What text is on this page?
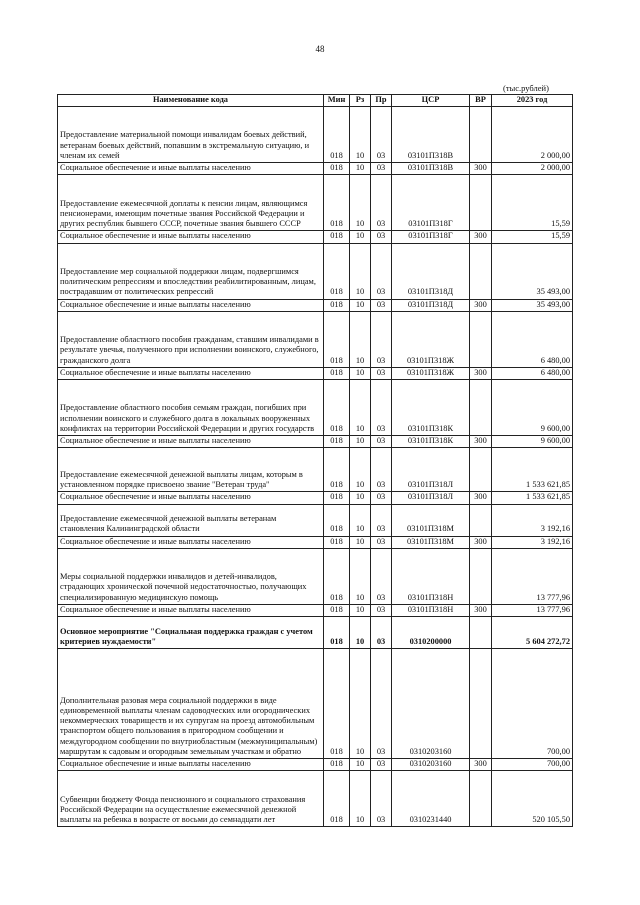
48
(тыс.рублей)
Наименование кода	Мин	Рз	Пр	ЦСР	ВР	2023 год
Предоставление материальной помощи инвалидам боевых действий, ветеранам боевых действий, попавшим в экстремальную ситуацию, и членам их семей	018	10	03	03101П318В		2 000,00
Социальное обеспечение и иные выплаты населению	018	10	03	03101П318В	300	2 000,00
Предоставление ежемесячной доплаты к пенсии лицам, являющимся пенсионерами, имеющим почетные звания Российской Федерации и других республик бывшего СССР, почетные звания бывшего СССР	018	10	03	03101П318Г		15,59
Социальное обеспечение и иные выплаты населению	018	10	03	03101П318Г	300	15,59
Предоставление мер социальной поддержки лицам, подвергшимся политическим репрессиям и впоследствии реабилитированным, лицам, пострадавшим от политических репрессий	018	10	03	03101П318Д		35 493,00
Социальное обеспечение и иные выплаты населению	018	10	03	03101П318Д	300	35 493,00
Предоставление областного пособия гражданам, ставшим инвалидами в результате увечья, полученного при исполнении воинского, служебного, гражданского долга	018	10	03	03101П318Ж		6 480,00
Социальное обеспечение и иные выплаты населению	018	10	03	03101П318Ж	300	6 480,00
Предоставление областного пособия семьям граждан, погибших при исполнении воинского и служебного долга в локальных вооруженных конфликтах на территории Российской Федерации и других государств	018	10	03	03101П318К		9 600,00
Социальное обеспечение и иные выплаты населению	018	10	03	03101П318К	300	9 600,00
Предоставление ежемесячной денежной выплаты лицам, которым в установленном порядке присвоено звание "Ветеран труда"	018	10	03	03101П318Л		1 533 621,85
Социальное обеспечение и иные выплаты населению	018	10	03	03101П318Л	300	1 533 621,85
Предоставление ежемесячной денежной выплаты ветеранам становления Калининградской области	018	10	03	03101П318М		3 192,16
Социальное обеспечение и иные выплаты населению	018	10	03	03101П318М	300	3 192,16
Меры социальной поддержки инвалидов и детей-инвалидов, страдающих хронической почечной недостаточностью, получающих специализированную медицинскую помощь	018	10	03	03101П318Н		13 777,96
Социальное обеспечение и иные выплаты населению	018	10	03	03101П318Н	300	13 777,96
Основное мероприятие "Социальная поддержка граждан с учетом критериев нуждаемости"	018	10	03	0310200000		5 604 272,72
Дополнительная разовая мера социальной поддержки в виде единовременной выплаты членам садоводческих или огороднических некоммерческих товариществ и их супругам на проезд автомобильным транспортом общего пользования в пригородном сообщении и междугородном сообщении по внутриобластным (межмуниципальным) маршрутам к садовым и огородным земельным участкам и обратно	018	10	03	0310203160		700,00
Социальное обеспечение и иные выплаты населению	018	10	03	0310203160	300	700,00
Субвенции бюджету Фонда пенсионного и социального страхования Российской Федерации на осуществление ежемесячной денежной выплаты на ребенка в возрасте от восьми до семнадцати лет	018	10	03	0310231440		520 105,50
